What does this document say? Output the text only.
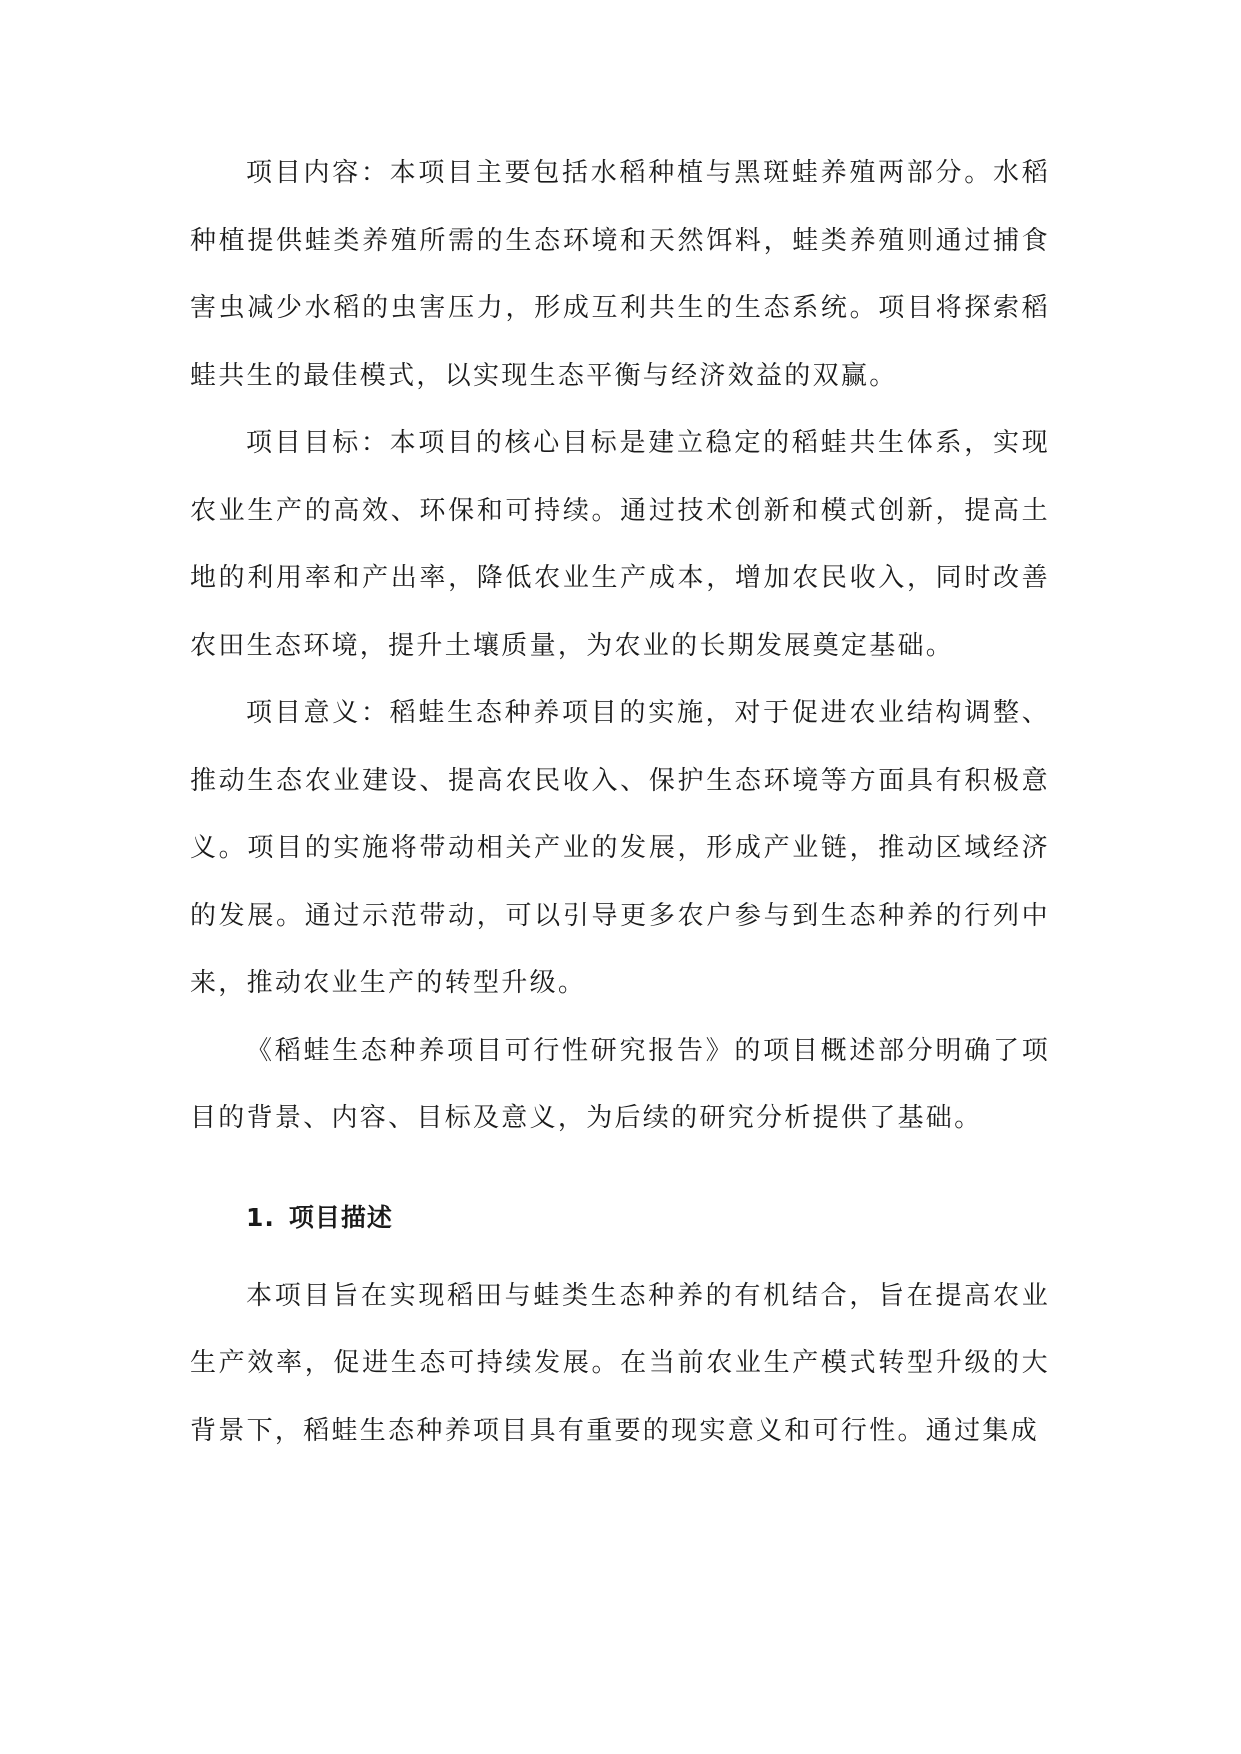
项目内容：本项目主要包括水稻种植与黑斑蛙养殖两部分。水稻种植提供蛙类养殖所需的生态环境和天然饵料，蛙类养殖则通过捕食害虫减少水稻的虫害压力，形成互利共生的生态系统。项目将探索稻蛙共生的最佳模式，以实现生态平衡与经济效益的双赢。

项目目标：本项目的核心目标是建立稳定的稻蛙共生体系，实现农业生产的高效、环保和可持续。通过技术创新和模式创新，提高土地的利用率和产出率，降低农业生产成本，增加农民收入，同时改善农田生态环境，提升土壤质量，为农业的长期发展奠定基础。

项目意义：稻蛙生态种养项目的实施，对于促进农业结构调整、推动生态农业建设、提高农民收入、保护生态环境等方面具有积极意义。项目的实施将带动相关产业的发展，形成产业链，推动区域经济的发展。通过示范带动，可以引导更多农户参与到生态种养的行列中来，推动农业生产的转型升级。

《稻蛙生态种养项目可行性研究报告》的项目概述部分明确了项目的背景、内容、目标及意义，为后续的研究分析提供了基础。

1. 项目描述

本项目旨在实现稻田与蛙类生态种养的有机结合，旨在提高农业生产效率，促进生态可持续发展。在当前农业生产模式转型升级的大背景下，稻蛙生态种养项目具有重要的现实意义和可行性。通过集成
